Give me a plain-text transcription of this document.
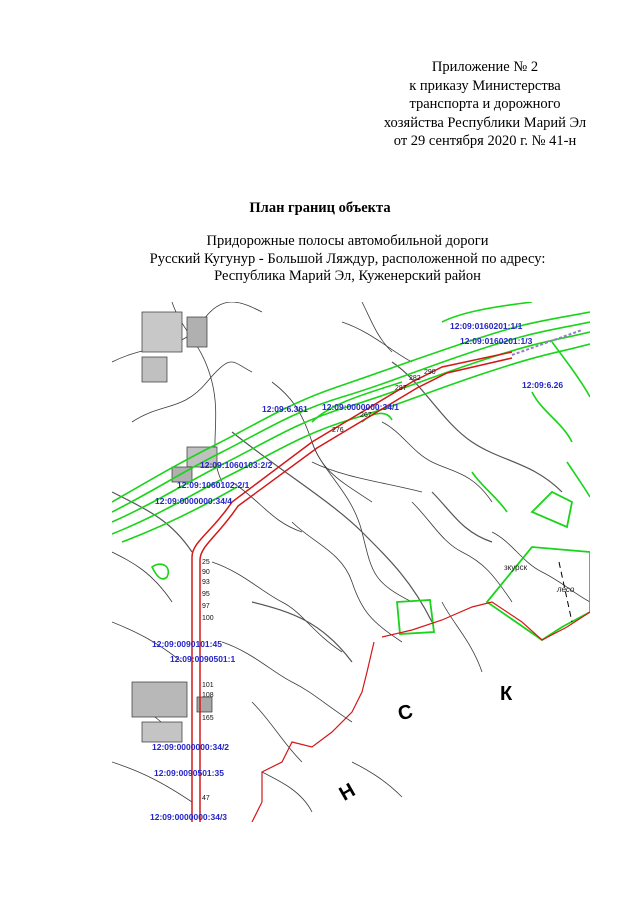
Приложение № 2
к приказу Министерства
транспорта и дорожного
хозяйства Республики Марий Эл
от 29 сентября 2020 г. № 41-н
План границ объекта
Придорожные полосы автомобильной дороги
Русский Кугунур - Большой Ляждур, расположенной по адресу:
Республика Марий Эл, Куженерский район
зкурск
лесо
282
290
276
267
287
25
90
93
95
97
100
101
108
165
47
12:09:0160201:1/1
12:09:0160201:1/3
12:09:6.26
12:09:6.361 12:09:0000000:34/1
12:09:1060103:2/2
12:09:1060102:2/1
12:09:0000000:34/4
12:09:0090101:45
12:09:0090501:1
12:09:0000000:34/2
12:09:0090501:35
12:09:0000000:34/3
К
С
Н
